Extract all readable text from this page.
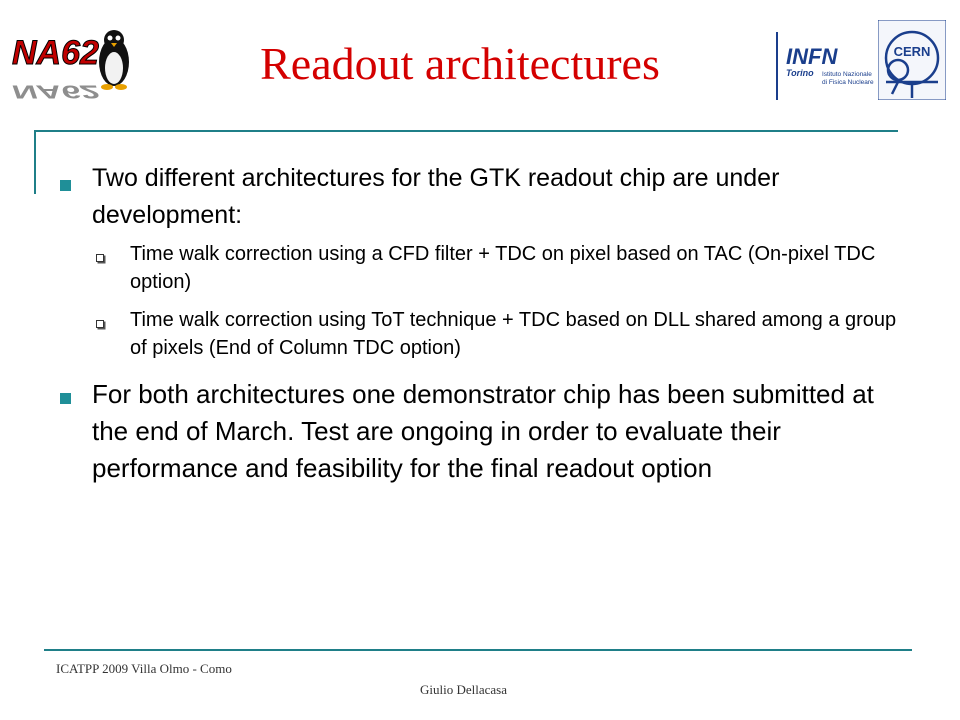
NA62
NA62
Readout architectures	INFN
Torino Istituto Nazionale
di Fisica Nucleare
CERN
Two different architectures for the GTK readout chip are under development:
Time walk correction using a CFD filter + TDC on pixel based on TAC (On-pixel TDC option)
Time walk correction using ToT technique + TDC based on DLL shared among a group of pixels (End of Column TDC option)
For both architectures one demonstrator chip has been submitted at the end of March. Test are ongoing in order to evaluate their performance and feasibility for the final readout option
ICATPP 2009 Villa Olmo - Como
Giulio Dellacasa
